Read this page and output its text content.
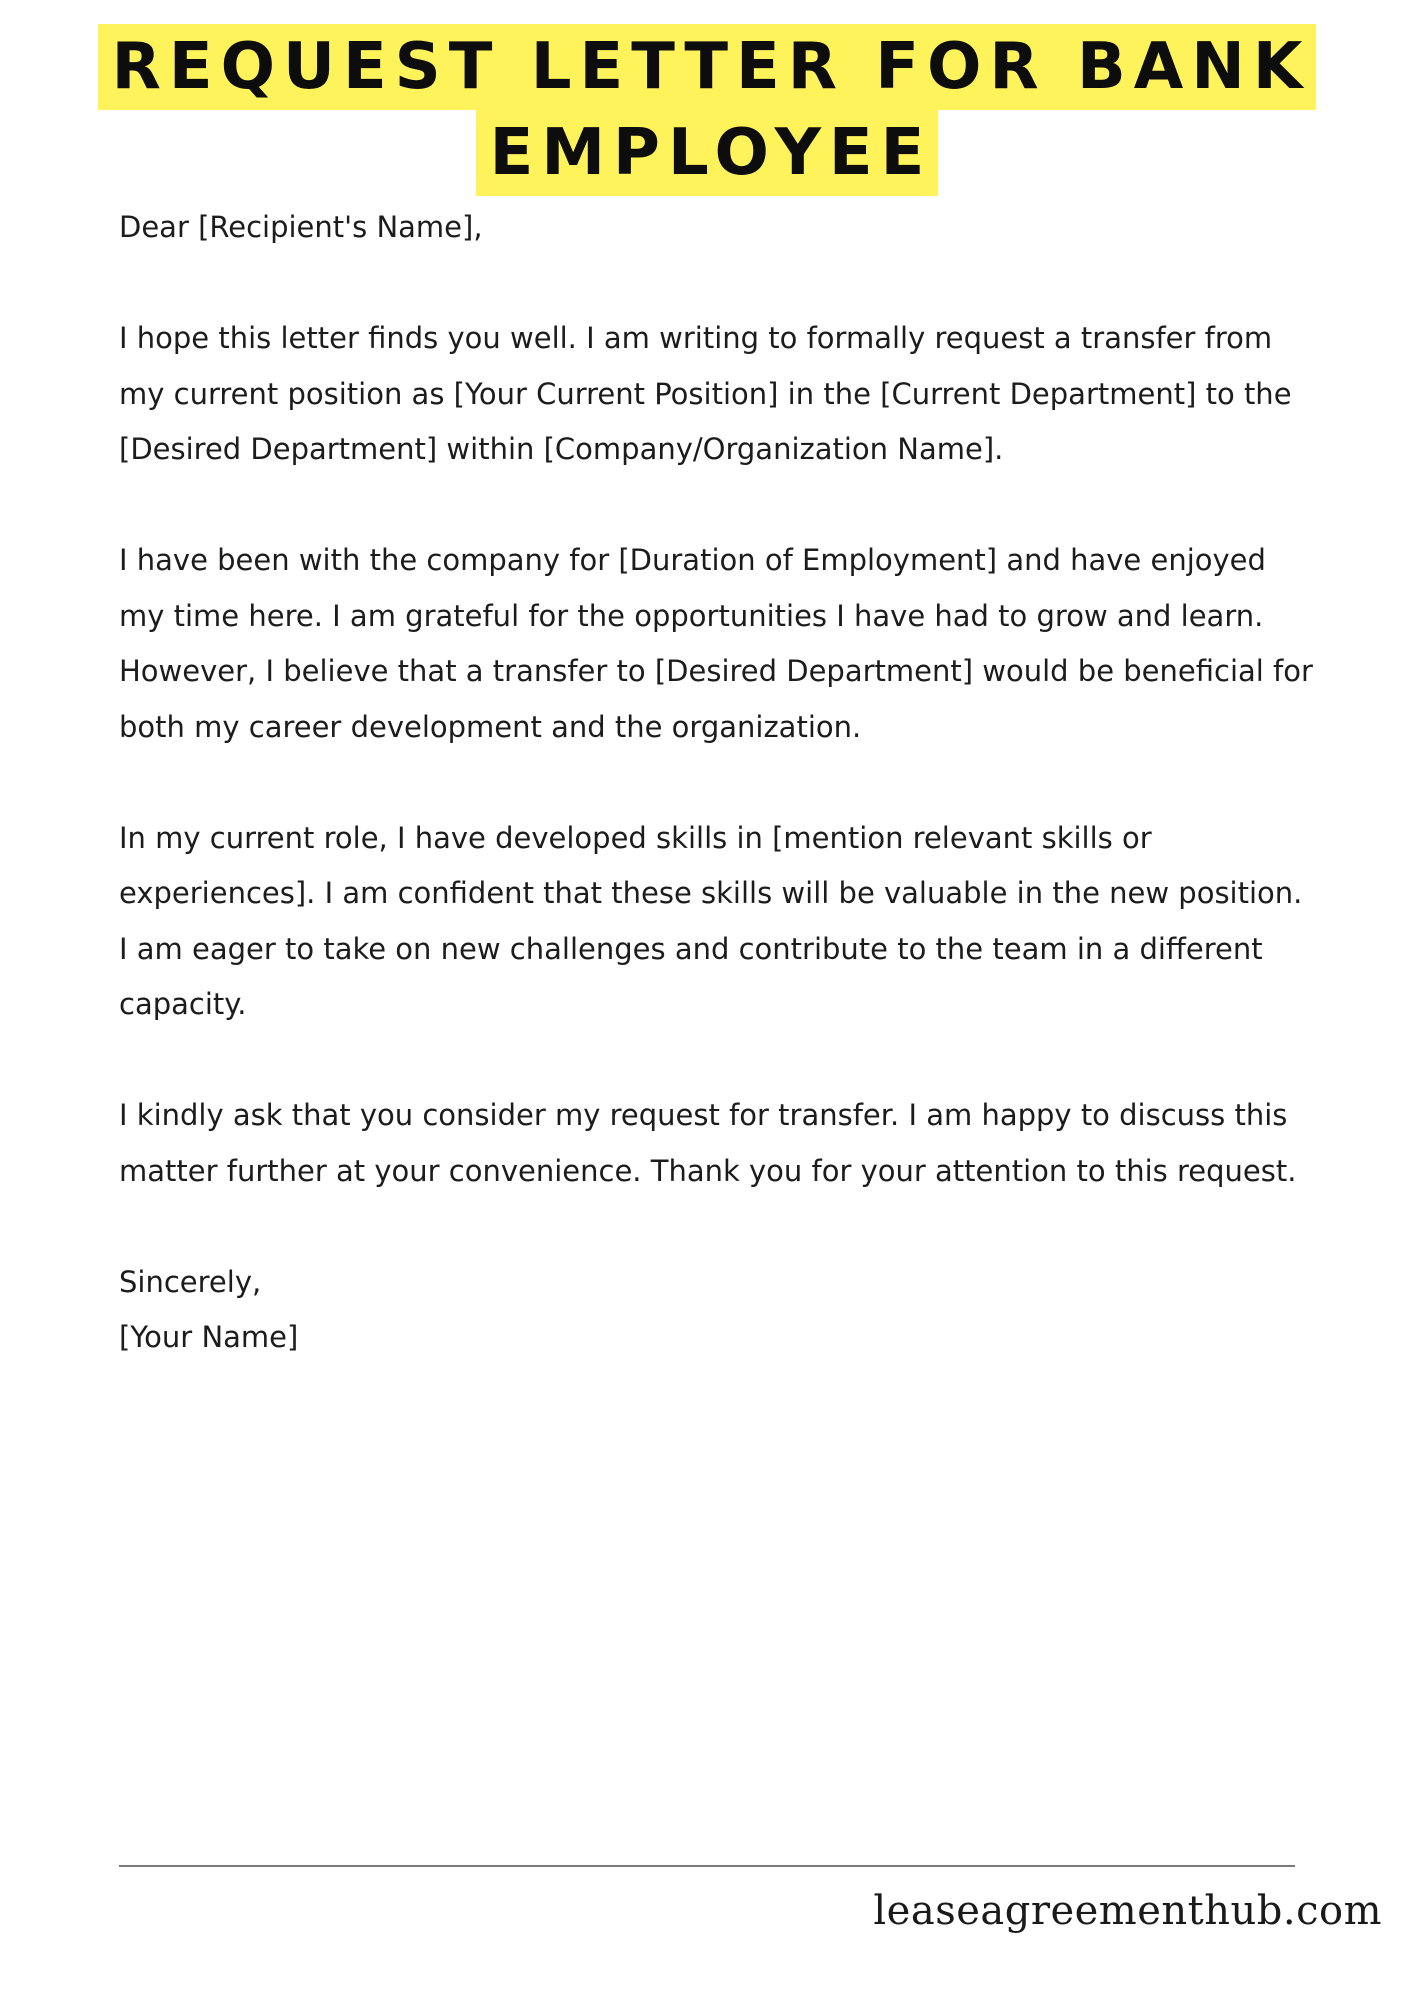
REQUEST LETTER FOR BANK
EMPLOYEE

Dear [Recipient's Name],

I hope this letter finds you well. I am writing to formally request a transfer from my current position as [Your Current Position] in the [Current Department] to the [Desired Department] within [Company/Organization Name].

I have been with the company for [Duration of Employment] and have enjoyed my time here. I am grateful for the opportunities I have had to grow and learn. However, I believe that a transfer to [Desired Department] would be beneficial for both my career development and the organization.

In my current role, I have developed skills in [mention relevant skills or experiences]. I am confident that these skills will be valuable in the new position. I am eager to take on new challenges and contribute to the team in a different capacity.

I kindly ask that you consider my request for transfer. I am happy to discuss this matter further at your convenience. Thank you for your attention to this request.

Sincerely,

[Your Name]

leaseagreementhub.com
